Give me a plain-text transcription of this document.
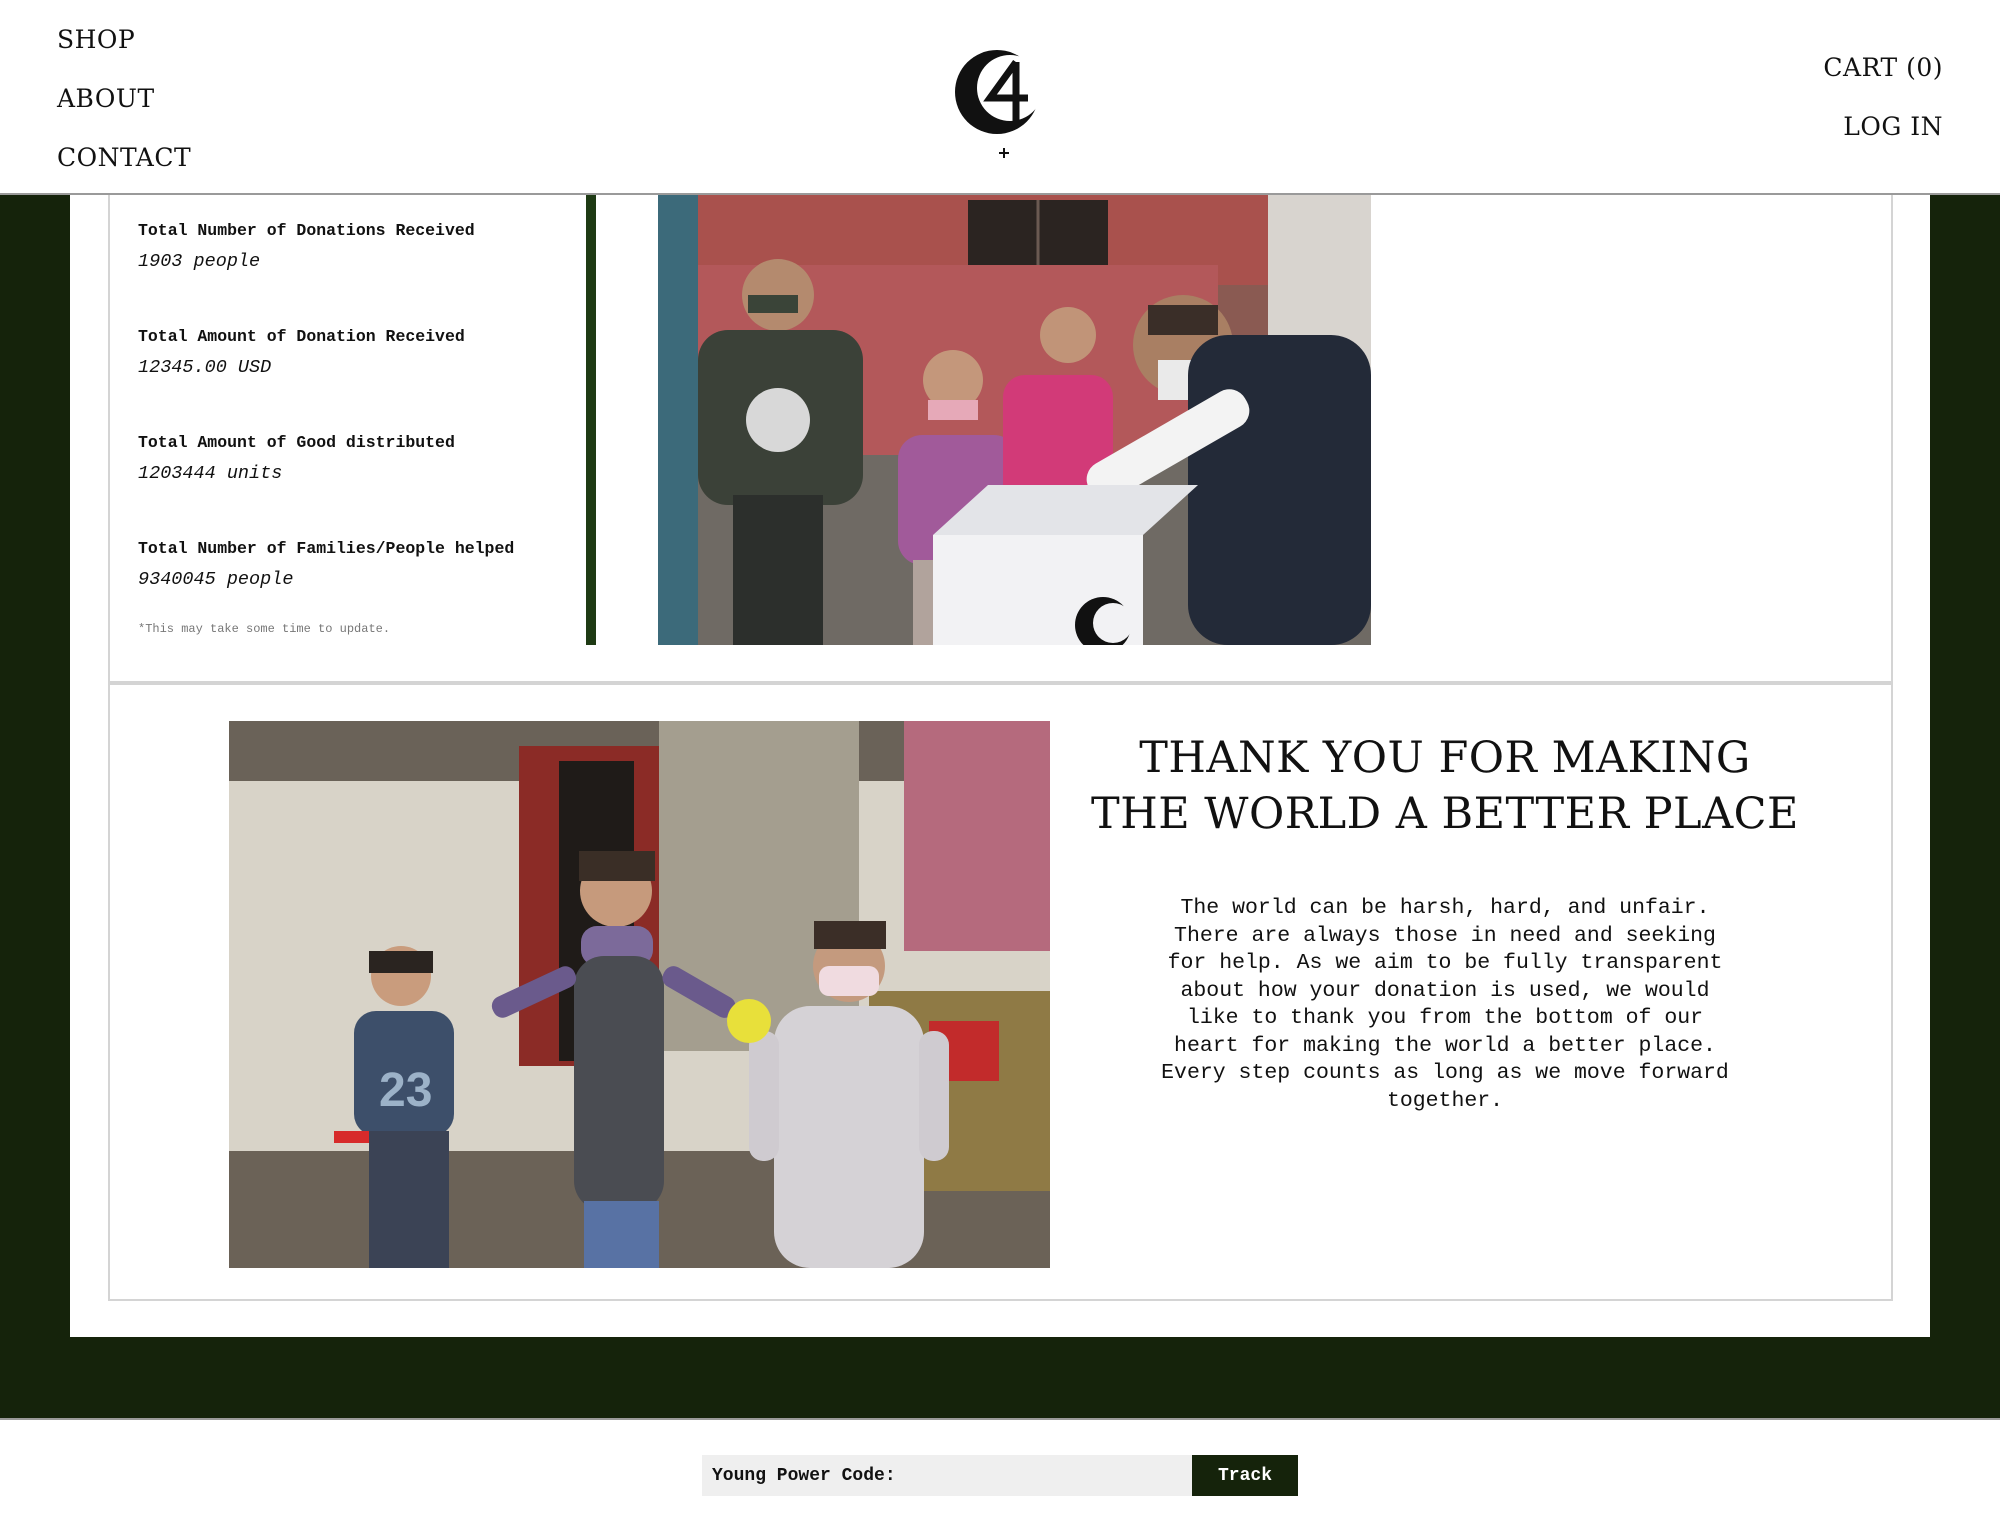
SHOP
ABOUT
CONTACT
CART (0)
LOG IN
Total Number of Donations Received
1903 people
Total Amount of Donation Received
12345.00 USD
Total Amount of Good distributed
1203444 units
Total Number of Families/People helped
9340045 people
*This may take some time to update.
23
THANK YOU FOR MAKING THE WORLD A BETTER PLACE
The world can be harsh, hard, and unfair. There are always those in need and seeking for help. As we aim to be fully transparent about how your donation is used, we would like to thank you from the bottom of our heart for making the world a better place. Every step counts as long as we move forward together.
Young Power Code:	Track
